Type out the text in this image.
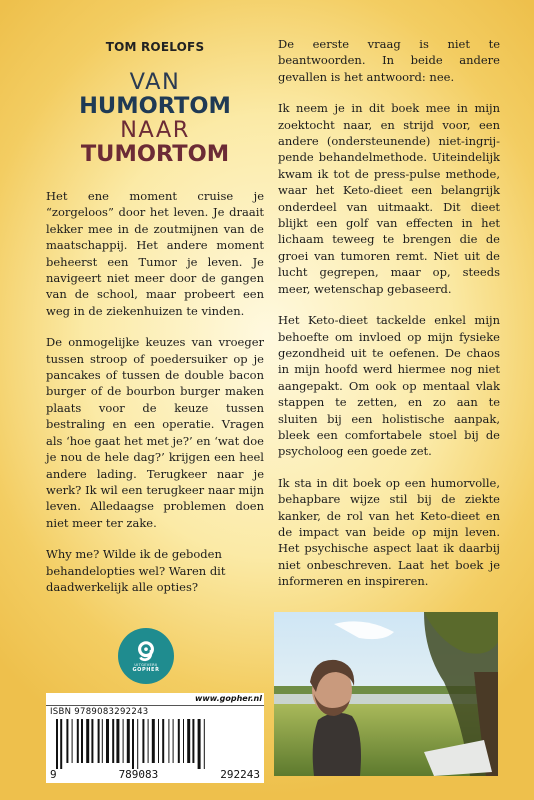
TOM ROELOFS
VAN
HUMORTOM
NAAR
TUMORTOM

Het ene moment cruise je “zorgeloos” door het leven. Je draait lekker mee in de zoutmijnen van de maatschappij. Het andere moment beheerst een Tumor je leven. Je navigeert niet meer door de gangen van de school, maar probeert een weg in de ziekenhuizen te vinden.

De onmogelijke keuzes van vroeger tussen stroop of poedersuiker op je pancakes of tussen de double bacon burger of de bourbon burger maken plaats voor de keuze tussen bestraling en een operatie. Vragen als ‘hoe gaat het met je?’ en ‘wat doe je nou de hele dag?’ krijgen een heel andere lading. Terugkeer naar je werk? Ik wil een terugkeer naar mijn leven. Alledaagse problemen doen niet meer ter zake.

Why me? Wilde ik de geboden behandelopties wel? Waren dit daadwerkelijk alle opties?

De eerste vraag is niet te beantwoorden. In beide andere gevallen is het antwoord: nee.

Ik neem je in dit boek mee in mijn zoektocht naar, en strijd voor, een andere (ondersteunende) niet-ingrijpende behandelmethode. Uiteindelijk kwam ik tot de press-pulse methode, waar het Keto-dieet een belangrijk onderdeel van uitmaakt. Dit dieet blijkt een golf van effecten in het lichaam teweeg te brengen die de groei van tumoren remt. Niet uit de lucht gegrepen, maar op, steeds meer, wetenschap gebaseerd.

Het Keto-dieet tackelde enkel mijn behoefte om invloed op mijn fysieke gezondheid uit te oefenen. De chaos in mijn hoofd werd hiermee nog niet aangepakt. Om ook op mentaal vlak stappen te zetten, en zo aan te sluiten bij een holistische aanpak, bleek een comfortabele stoel bij de psycholoog een goede zet.

Ik sta in dit boek op een humorvolle, behapbare wijze stil bij de ziekte kanker, de rol van het Keto-dieet en de impact van beide op mijn leven. Het psychische aspect laat ik daarbij niet onbeschreven. Laat het boek je informeren en inspireren.

UITGEVERIJ
GOPHER
www.gopher.nl
ISBN 9789083292243
9	789083	292243
